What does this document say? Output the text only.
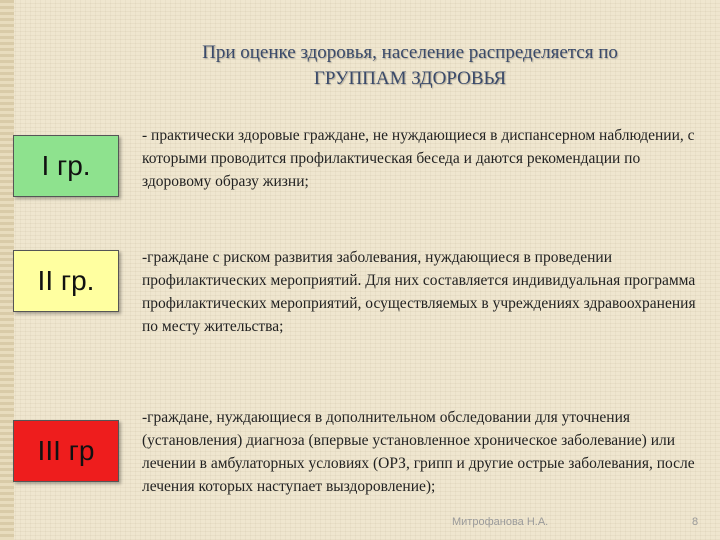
При оценке здоровья, население распределяется по
ГРУППАМ ЗДОРОВЬЯ
I гр.
- практически здоровые граждане, не нуждающиеся в диспансерном наблюдении, с которыми проводится профилактическая беседа и даются рекомендации по здоровому образу жизни;
II гр.
-граждане с риском развития заболевания, нуждающиеся в проведении профилактических мероприятий. Для них составляется индивидуальная программа профилактических мероприятий, осуществляемых в учреждениях здравоохранения по месту жительства;
III гр
-граждане, нуждающиеся в дополнительном обследовании для уточнения (установления) диагноза (впервые установленное хроническое заболевание) или лечении в амбулаторных условиях (ОРЗ, грипп и другие острые заболевания, после лечения которых наступает выздоровление);
Митрофанова Н.А.	8
